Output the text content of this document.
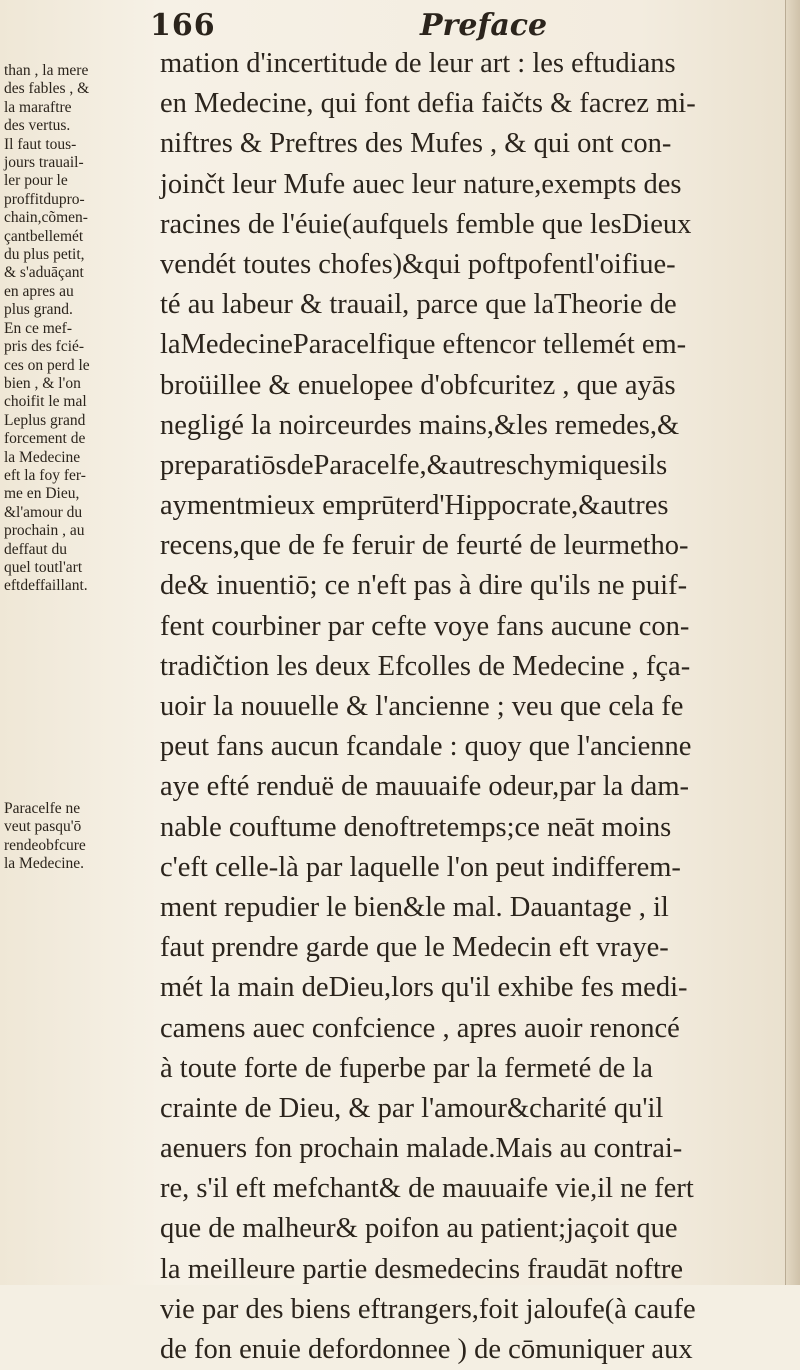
166	Preface
than , la mere
des fables , &
la maraftre
des vertus.
Il faut tous-
jours trauail-
ler pour le
proffitdupro-
chain,cõmen-
çantbellemét
du plus petit,
& s'aduāçant
en apres au
plus grand.
En ce mef-
pris des fcié-
ces on perd le
bien , & l'on
choifit le mal
Leplus grand
forcement de
la Medecine
eft la foy fer-
me en Dieu,
&l'amour du
prochain , au
deffaut du
quel toutl'art
eftdeffaillant.
Paracelfe ne
veut pasqu'ō
rendeobfcure
la Medecine.
mation d'incertitude de leur art : les eftudians
en Medecine, qui font defia faičts & facrez mi-
niftres & Preftres des Mufes , & qui ont con-
joinčt leur Mufe auec leur nature,exempts des
racines de l'éuie(aufquels femble que lesDieux
vendét toutes chofes)&qui poftpofentl'oifiue-
té au labeur & trauail, parce que laTheorie de
laMedecineParacelfique eftencor tellemét em-
broüillee & enuelopee d'obfcuritez , que ayās
negligé la noirceurdes mains,&les remedes,&
preparatiōsdeParacelfe,&autreschymiquesils
aymentmieux emprūterd'Hippocrate,&autres
recens,que de fe feruir de feurté de leurmetho-
de& inuentiō; ce n'eft pas à dire qu'ils ne puif-
fent courbiner par cefte voye fans aucune con-
tradičtion les deux Efcolles de Medecine , fça-
uoir la nouuelle & l'ancienne ; veu que cela fe
peut fans aucun fcandale : quoy que l'ancienne
aye efté renduë de mauuaife odeur,par la dam-
nable couftume denoftretemps;ce neāt moins
c'eft celle-là par laquelle l'on peut indifferem-
ment repudier le bien&le mal. Dauantage , il
faut prendre garde que le Medecin eft vraye-
mét la main deDieu,lors qu'il exhibe fes medi-
camens auec confcience , apres auoir renoncé
à toute forte de fuperbe par la fermeté de la
crainte de Dieu, & par l'amour&charité qu'il
aenuers fon prochain malade.Mais au contrai-
re, s'il eft mefchant& de mauuaife vie,il ne fert
que de malheur& poifon au patient;jaçoit que
la meilleure partie desmedecins fraudāt noftre
vie par des biens eftrangers,foit jaloufe(à caufe
de fon enuie defordonnee ) de cōmuniquer aux
